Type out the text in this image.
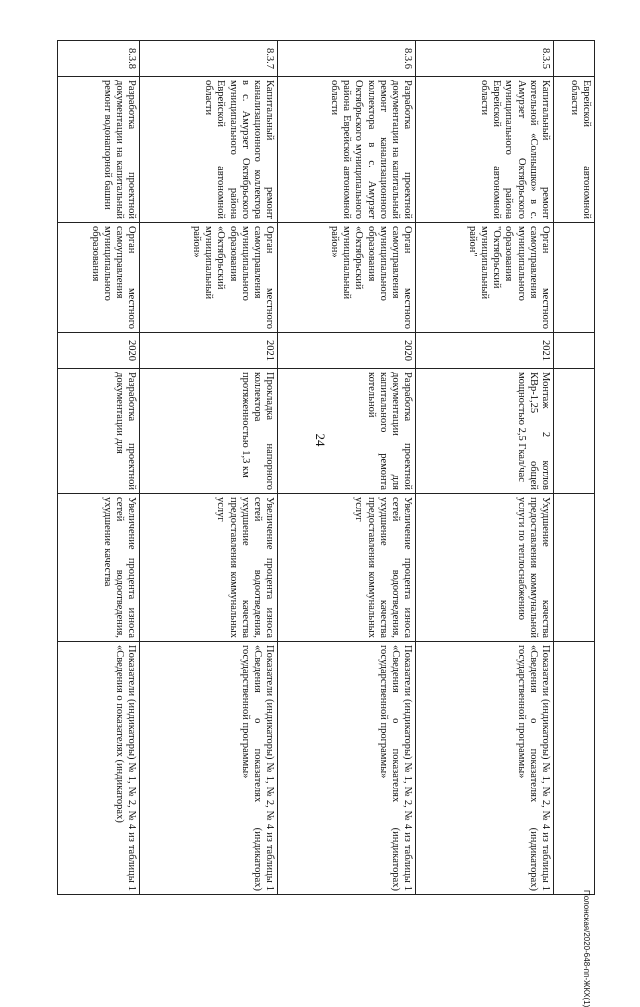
24
	Еврейской автономной области					
8.3.5	Капитальный ремонт котельной «Солнышко» в с. Амурзет Октябрьского муниципального района Еврейской автономной области	Орган местного самоуправления муниципального образования "Октябрьский муниципальный район"	2021	Монтаж 2 котлов КВр-1,25 общей мощностью 2,5 Гкал/час	Ухудшение качества предоставления коммунальной услуги по теплоснабжению	Показатели (индикаторы) № 1, № 2, № 4 из таблицы 1 «Сведения о показателях (индикаторах) государственной программы»
8.3.6	Разработка проектной документации на капитальный ремонт канализационного коллектора в с. Амурзет Октябрьского муниципального района Еврейской автономной области	Орган местного самоуправления муниципального образования «Октябрьский муниципальный район»	2020	Разработка проектной документации для капитального ремонта котельной	Увеличение процента износа сетей водоотведения, ухудшение качества предоставления коммунальных услуг	Показатели (индикаторы) № 1, № 2, № 4 из таблицы 1 «Сведения о показателях (индикаторах) государственной программы»
8.3.7	Капитальный ремонт канализационного коллектора в с. Амурзет Октябрьского муниципального района Еврейской автономной области	Орган местного самоуправления муниципального образования «Октябрьский муниципальный район»	2021	Прокладка напорного коллектора протяженностью 1,3 км	Увеличение процента износа сетей водоотведения, ухудшение качества предоставления коммунальных услуг	Показатели (индикаторы) № 1, № 2, № 4 из таблицы 1 «Сведения о показателях (индикаторах) государственной программы»
8.3.8	Разработка проектной документации на капитальный ремонт водонапорной башни	Орган местного самоуправления муниципального образования	2020	Разработка проектной документации для	Увеличение процента износа сетей водоотведения, ухудшение качества	Показатели (индикаторы) № 1, № 2, № 4 из таблицы 1 «Сведения о показателях (индикаторах)
Полонская/2020-648-пп-ЖКХ(1)
